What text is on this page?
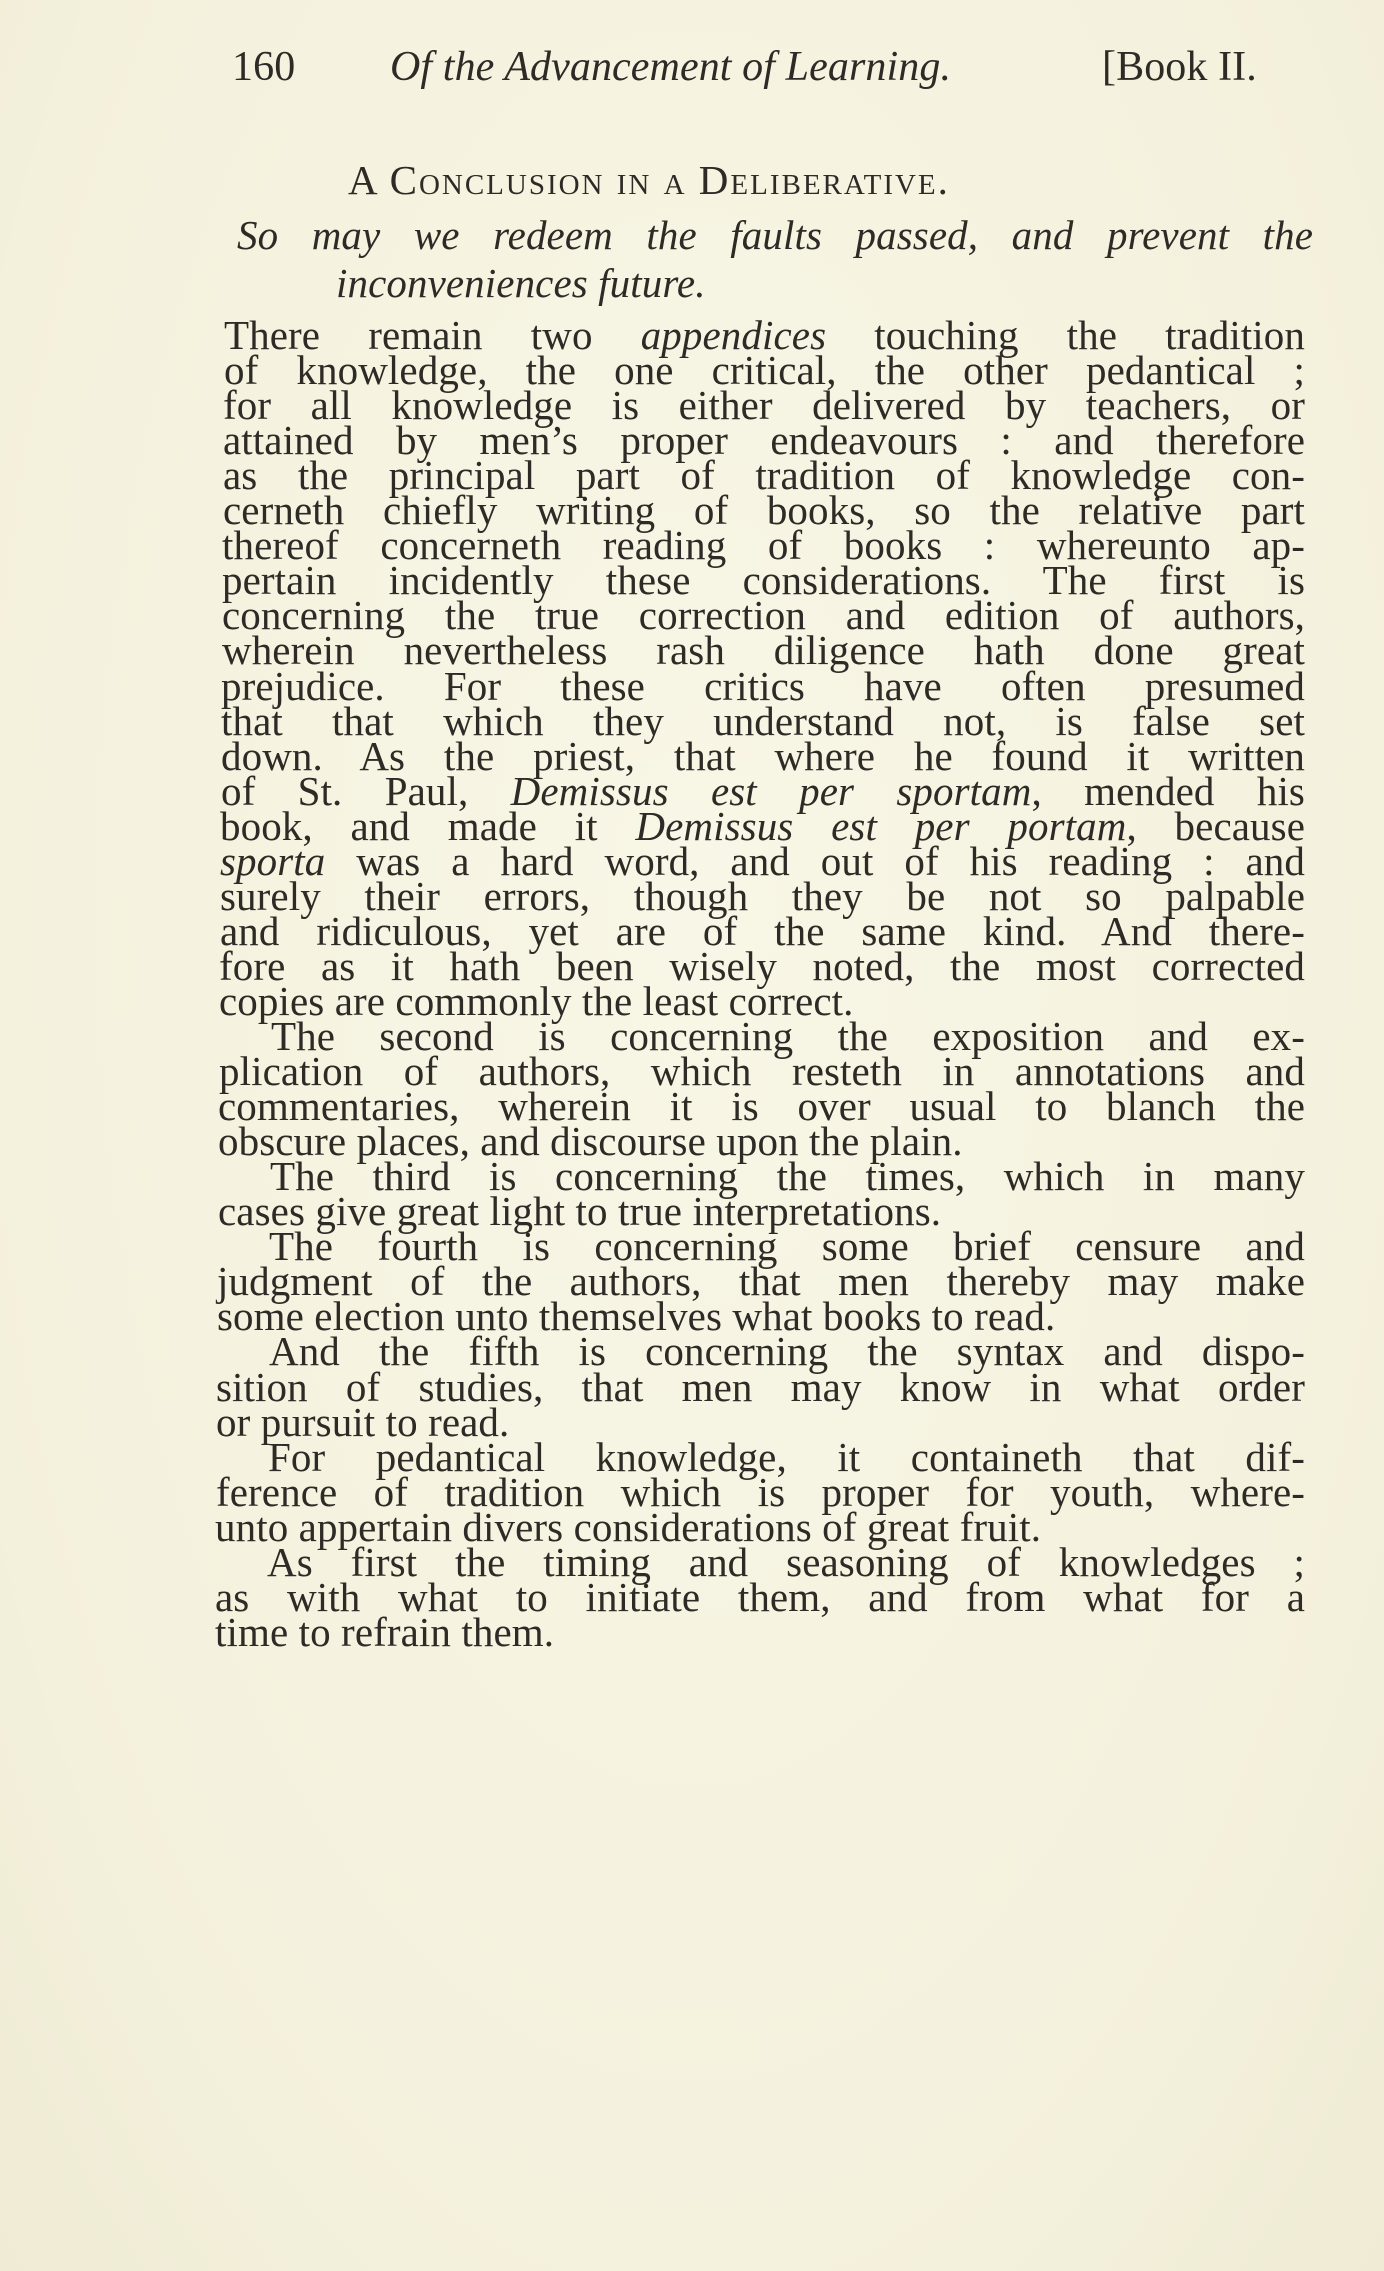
160 Of the Advancement of Learning.	[Book II.
A Conclusion in a Deliberative.
So may we redeem the faults passed, and prevent the
inconveniences future.
There remain two appendices touching the tradition
of knowledge, the one critical, the other pedantical ;
for all knowledge is either delivered by teachers, or
attained by men’s proper endeavours : and therefore
as the principal part of tradition of knowledge con-
cerneth chiefly writing of books, so the relative part
thereof concerneth reading of books : whereunto ap-
pertain incidently these considerations. The first is
concerning the true correction and edition of authors,
wherein nevertheless rash diligence hath done great
prejudice. For these critics have often presumed
that that which they understand not, is false set
down. As the priest, that where he found it written
of St. Paul, Demissus est per sportam, mended his
book, and made it Demissus est per portam, because
sporta was a hard word, and out of his reading : and
surely their errors, though they be not so palpable
and ridiculous, yet are of the same kind. And there-
fore as it hath been wisely noted, the most corrected
copies are commonly the least correct.
The second is concerning the exposition and ex-
plication of authors, which resteth in annotations and
commentaries, wherein it is over usual to blanch the
obscure places, and discourse upon the plain.
The third is concerning the times, which in many
cases give great light to true interpretations.
The fourth is concerning some brief censure and
judgment of the authors, that men thereby may make
some election unto themselves what books to read.
And the fifth is concerning the syntax and dispo-
sition of studies, that men may know in what order
or pursuit to read.
For pedantical knowledge, it containeth that dif-
ference of tradition which is proper for youth, where-
unto appertain divers considerations of great fruit.
As first the timing and seasoning of knowledges ;
as with what to initiate them, and from what for a
time to refrain them.
